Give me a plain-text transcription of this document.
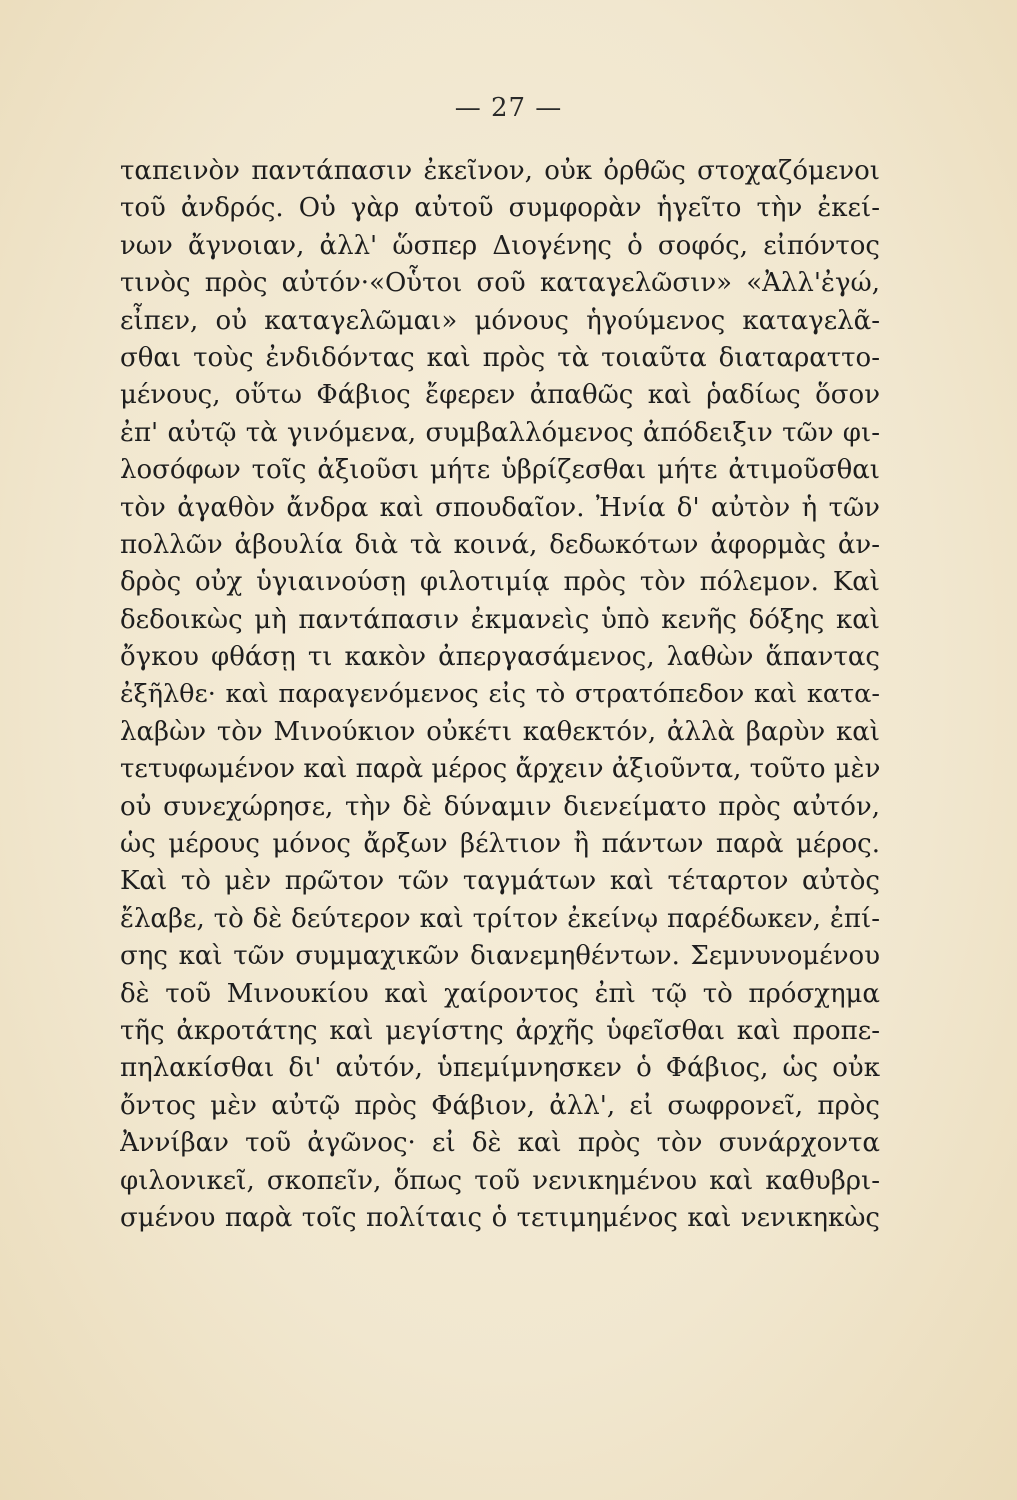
— 27 —
ταπεινὸν παντάπασιν ἐκεῖνον, οὐκ ὀρθῶς στοχαζόμενοι
τοῦ ἀνδρός. Οὐ γὰρ αὐτοῦ συμφορὰν ἡγεῖτο τὴν ἐκεί-
νων ἄγνοιαν, ἀλλ' ὥσπερ Διογένης ὁ σοφός, εἰπόντος
τινὸς πρὸς αὐτόν·«Οὗτοι σοῦ καταγελῶσιν» «Ἀλλ'ἐγώ,
εἶπεν, οὐ καταγελῶμαι» μόνους ἡγούμενος καταγελᾶ-
σθαι τοὺς ἐνδιδόντας καὶ πρὸς τὰ τοιαῦτα διαταραττο-
μένους, οὕτω Φάβιος ἔφερεν ἀπαθῶς καὶ ῥαδίως ὅσον
ἐπ' αὐτῷ τὰ γινόμενα, συμβαλλόμενος ἀπόδειξιν τῶν φι-
λοσόφων τοῖς ἀξιοῦσι μήτε ὑβρίζεσθαι μήτε ἀτιμοῦσθαι
τὸν ἀγαθὸν ἄνδρα καὶ σπουδαῖον. Ἠνία δ' αὐτὸν ἡ τῶν
πολλῶν ἀβουλία διὰ τὰ κοινά, δεδωκότων ἀφορμὰς ἀν-
δρὸς οὐχ ὑγιαινούσῃ φιλοτιμίᾳ πρὸς τὸν πόλεμον. Καὶ
δεδοικὼς μὴ παντάπασιν ἐκμανεὶς ὑπὸ κενῆς δόξης καὶ
ὄγκου φθάσῃ τι κακὸν ἀπεργασάμενος, λαθὼν ἅπαντας
ἐξῆλθε· καὶ παραγενόμενος εἰς τὸ στρατόπεδον καὶ κατα-
λαβὼν τὸν Μινούκιον οὐκέτι καθεκτόν, ἀλλὰ βαρὺν καὶ
τετυφωμένον καὶ παρὰ μέρος ἄρχειν ἀξιοῦντα, τοῦτο μὲν
οὐ συνεχώρησε, τὴν δὲ δύναμιν διενείματο πρὸς αὐτόν,
ὡς μέρους μόνος ἄρξων βέλτιον ἢ πάντων παρὰ μέρος.
Καὶ τὸ μὲν πρῶτον τῶν ταγμάτων καὶ τέταρτον αὐτὸς
ἔλαβε, τὸ δὲ δεύτερον καὶ τρίτον ἐκείνῳ παρέδωκεν, ἐπί-
σης καὶ τῶν συμμαχικῶν διανεμηθέντων. Σεμνυνομένου
δὲ τοῦ Μινουκίου καὶ χαίροντος ἐπὶ τῷ τὸ πρόσχημα
τῆς ἀκροτάτης καὶ μεγίστης ἀρχῆς ὑφεῖσθαι καὶ προπε-
πηλακίσθαι δι' αὐτόν, ὑπεμίμνησκεν ὁ Φάβιος, ὡς οὐκ
ὄντος μὲν αὐτῷ πρὸς Φάβιον, ἀλλ', εἰ σωφρονεῖ, πρὸς
Ἀννίβαν τοῦ ἀγῶνος· εἰ δὲ καὶ πρὸς τὸν συνάρχοντα
φιλονικεῖ, σκοπεῖν, ὅπως τοῦ νενικημένου καὶ καθυβρι-
σμένου παρὰ τοῖς πολίταις ὁ τετιμημένος καὶ νενικηκὼς
